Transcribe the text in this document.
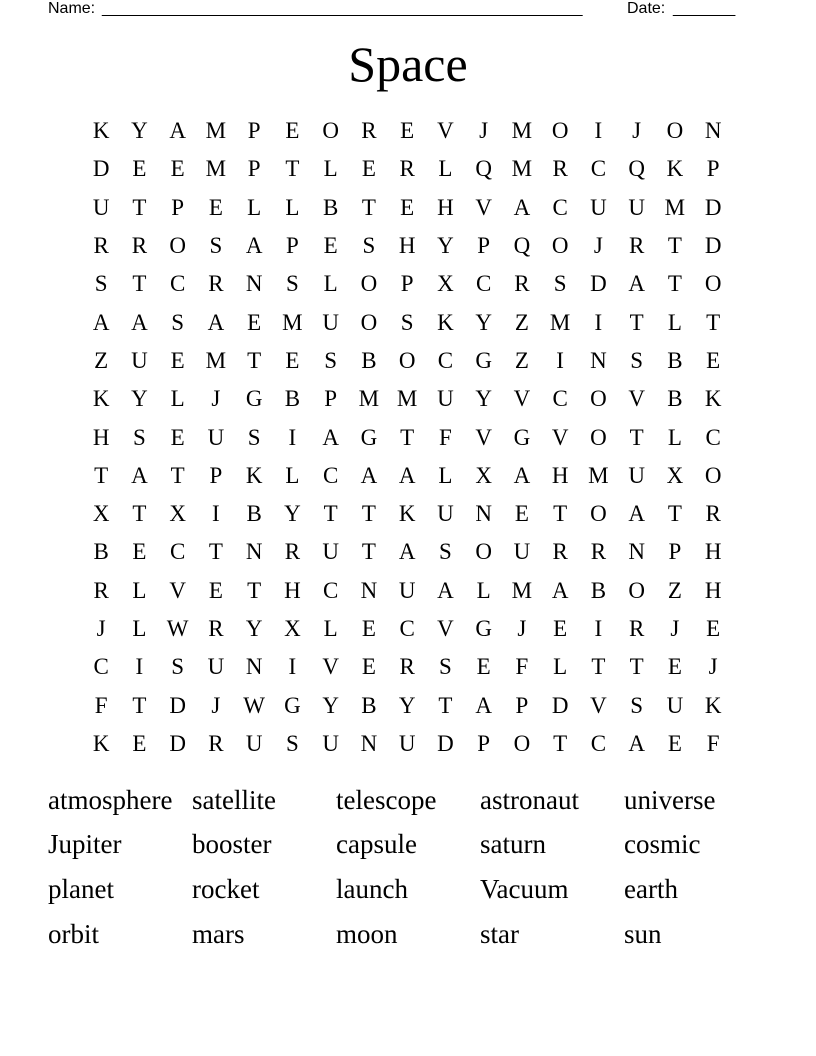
Name: ______________________________________________________	Date: _______
Space
K Y A M P	E O R	E V	J	M O	I	J	O N
D E	E M P	T	L	E	R	L Q M R C Q K	P
U T	P	E	L	L	B	T	E H V A C U U M D
R R O	S	A	P	E	S	H Y	P	Q O	J	R	T D
S	T	C R N	S	L O	P	X C R	S	D A T O
A A	S	A E M U O	S	K Y Z M	I	T	L	T
Z U E M T	E	S	B O C G Z	I	N	S	B	E
K Y L	J	G B	P M M U Y V C O V B K
H	S	E U	S	I	A G T	F	V G V O T	L	C
T A T	P	K L	C A A L X A H M U X O
X T X	I	B Y T	T K U N E	T O A T	R
B	E	C	T N R U T A	S	O U R R N	P	H
R	L V E	T H C N U A L M A B O Z H
J	L W R Y X L	E	C V G	J	E	I	R	J	E
C	I	S	U N	I	V E	R	S	E	F	L	T	T	E	J
F	T D	J W G Y B Y T A	P	D V	S	U K
K E D R U	S	U N U D	P	O T	C A E	F
atmosphere satellite	telescope	astronaut	universe
Jupiter	booster	capsule	saturn	cosmic
planet	rocket	launch	Vacuum	earth
orbit	mars	moon	star	sun
